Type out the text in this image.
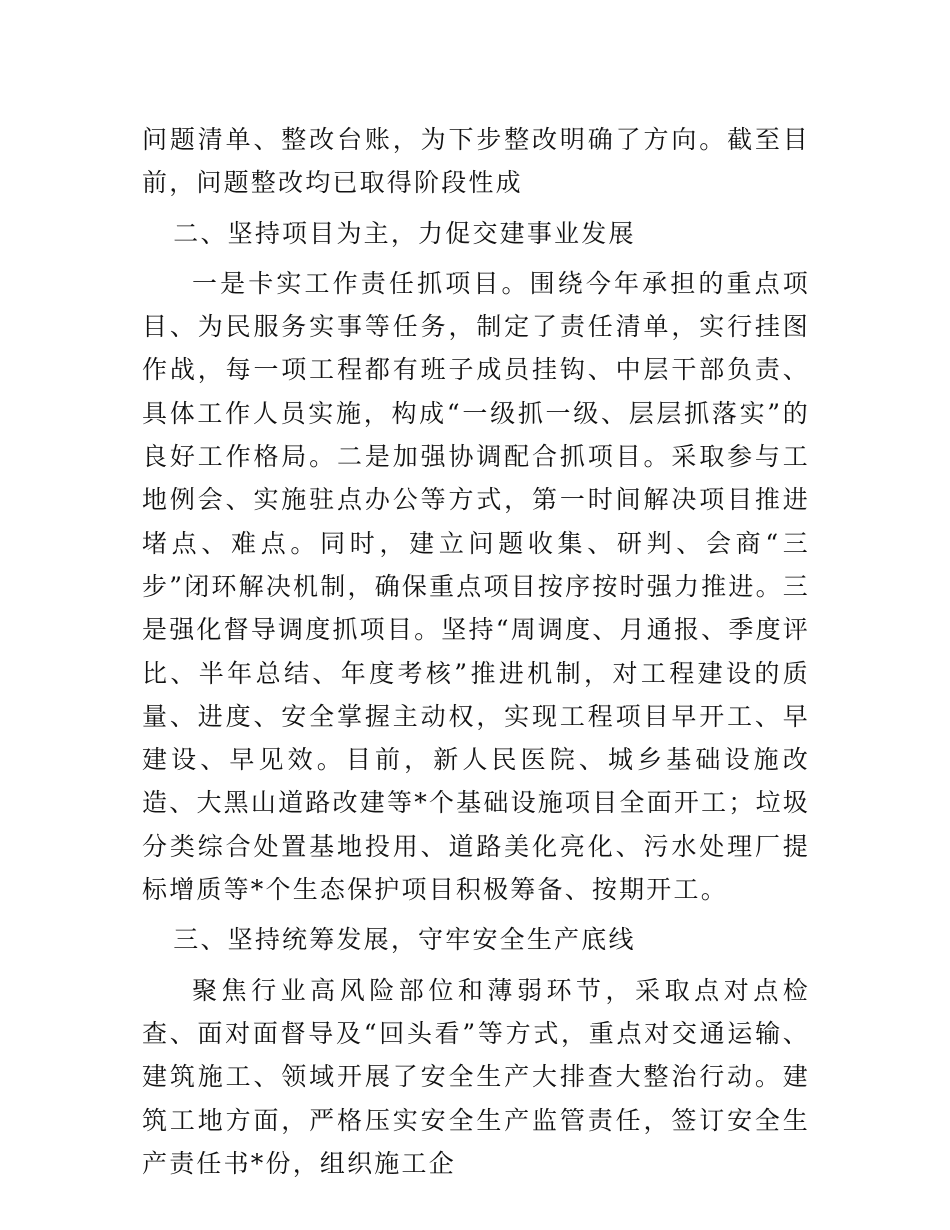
问题清单、整改台账，为下步整改明确了方向。截至目前，问题整改均已取得阶段性成

二、坚持项目为主，力促交建事业发展

一是卡实工作责任抓项目。围绕今年承担的重点项目、为民服务实事等任务，制定了责任清单，实行挂图作战，每一项工程都有班子成员挂钩、中层干部负责、具体工作人员实施，构成“一级抓一级、层层抓落实”的良好工作格局。二是加强协调配合抓项目。采取参与工地例会、实施驻点办公等方式，第一时间解决项目推进堵点、难点。同时，建立问题收集、研判、会商“三步”闭环解决机制，确保重点项目按序按时强力推进。三是强化督导调度抓项目。坚持“周调度、月通报、季度评比、半年总结、年度考核”推进机制，对工程建设的质量、进度、安全掌握主动权，实现工程项目早开工、早建设、早见效。目前，新人民医院、城乡基础设施改造、大黑山道路改建等*个基础设施项目全面开工；垃圾分类综合处置基地投用、道路美化亮化、污水处理厂提标增质等*个生态保护项目积极筹备、按期开工。

三、坚持统筹发展，守牢安全生产底线

聚焦行业高风险部位和薄弱环节，采取点对点检查、面对面督导及“回头看”等方式，重点对交通运输、建筑施工、领域开展了安全生产大排查大整治行动。建筑工地方面，严格压实安全生产监管责任，签订安全生产责任书*份，组织施工企
